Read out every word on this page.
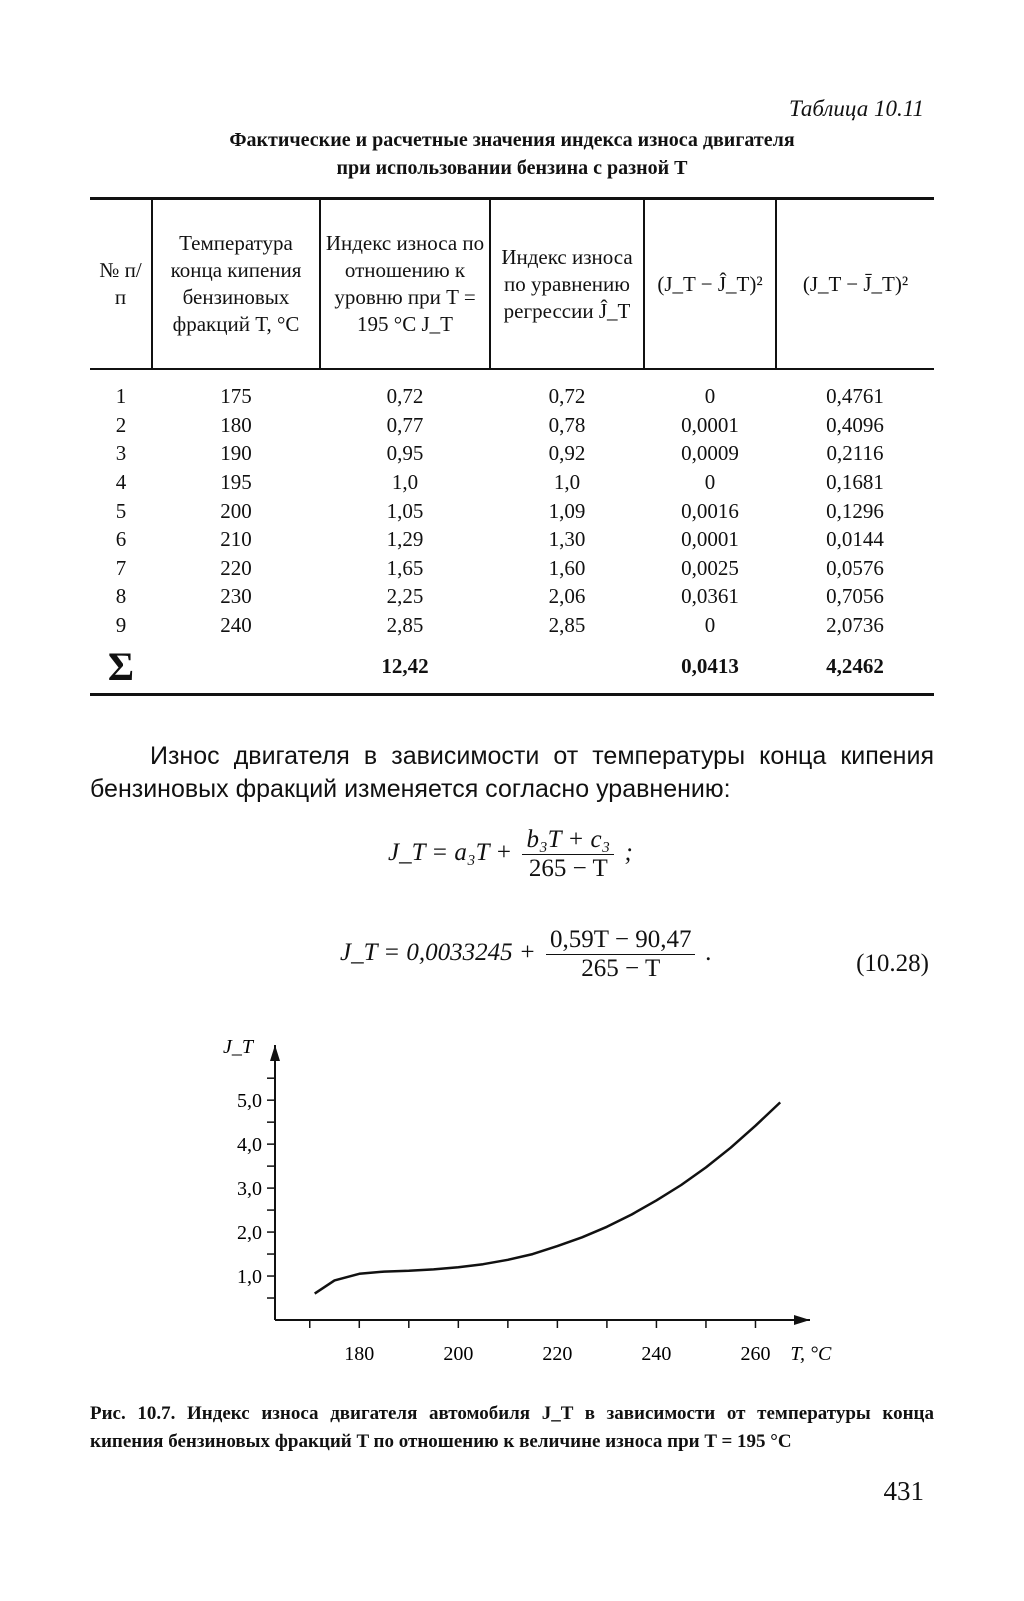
Таблица 10.11
Фактические и расчетные значения индекса износа двигателя
при использовании бензина с разной T
№ п/п	Температура конца кипения бензиновых фракций T, °С	Индекс износа по отношению к уровню при T = 195 °С J_T	Индекс износа по уравнению регрессии Ĵ_T	(J_T − Ĵ_T)²	(J_T − J̄_T)²
1	175	0,72	0,72	0	0,4761
2	180	0,77	0,78	0,0001	0,4096
3	190	0,95	0,92	0,0009	0,2116
4	195	1,0	1,0	0	0,1681
5	200	1,05	1,09	0,0016	0,1296
6	210	1,29	1,30	0,0001	0,0144
7	220	1,65	1,60	0,0025	0,0576
8	230	2,25	2,06	0,0361	0,7056
9	240	2,85	2,85	0	2,0736
Σ		12,42		0,0413	4,2462
Износ двигателя в зависимости от температуры конца кипения бензиновых фракций изменяется согласно уравнению:
J_T = $a_3T + \frac{\text{b₃T + c₃}}{265 - T}$ ;
J_T = $0,0033245 + \frac{0,59T - 90,47}{265 - T}$ .	(10.28)
1,0
2,0
3,0
4,0
5,0
180	200	220	240	260
J_T
T, °С
Рис. 10.7. Индекс износа двигателя автомобиля J_T в зависимости от температуры конца кипения бензиновых фракций T по отношению к величине износа при T = 195 °С
431
